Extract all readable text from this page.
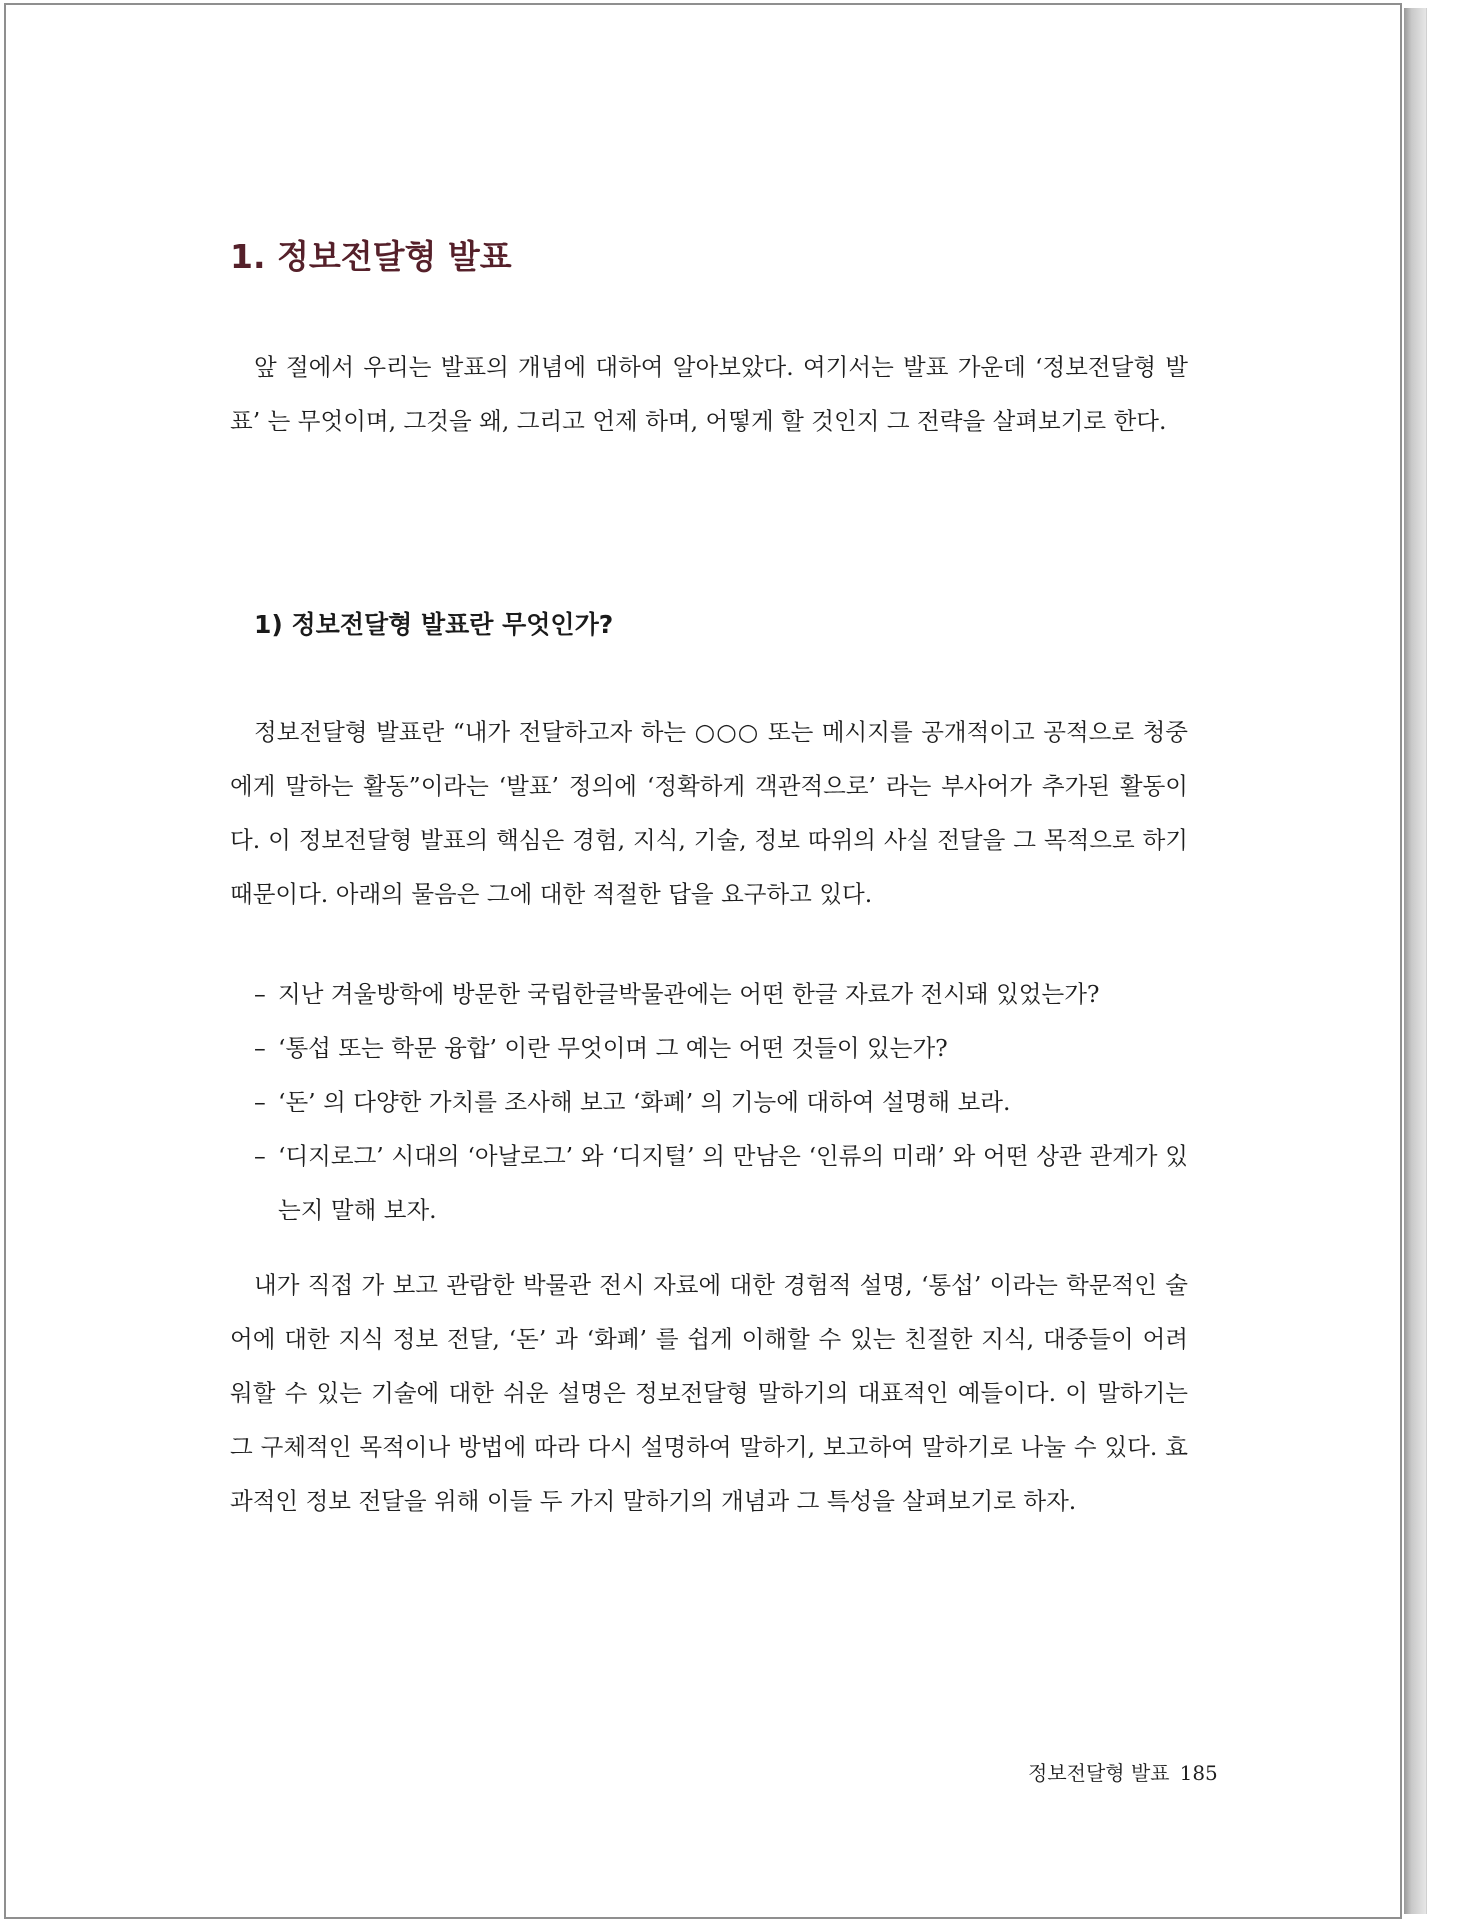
1. 정보전달형 발표

앞 절에서 우리는 발표의 개념에 대하여 알아보았다. 여기서는 발표 가운데 ‘정보전달형 발표’ 는 무엇이며, 그것을 왜, 그리고 언제 하며, 어떻게 할 것인지 그 전략을 살펴보기로 한다.

1) 정보전달형 발표란 무엇인가?

정보전달형 발표란 “내가 전달하고자 하는 ○○○ 또는 메시지를 공개적이고 공적으로 청중에게 말하는 활동”이라는 ‘발표’ 정의에 ‘정확하게 객관적으로’ 라는 부사어가 추가된 활동이다. 이 정보전달형 발표의 핵심은 경험, 지식, 기술, 정보 따위의 사실 전달을 그 목적으로 하기 때문이다. 아래의 물음은 그에 대한 적절한 답을 요구하고 있다.

– 지난 겨울방학에 방문한 국립한글박물관에는 어떤 한글 자료가 전시돼 있었는가?
– ‘통섭 또는 학문 융합’ 이란 무엇이며 그 예는 어떤 것들이 있는가?
– ‘돈’ 의 다양한 가치를 조사해 보고 ‘화폐’ 의 기능에 대하여 설명해 보라.
– ‘디지로그’ 시대의 ‘아날로그’ 와 ‘디지털’ 의 만남은 ‘인류의 미래’ 와 어떤 상관 관계가 있는지 말해 보자.

내가 직접 가 보고 관람한 박물관 전시 자료에 대한 경험적 설명, ‘통섭’ 이라는 학문적인 술어에 대한 지식 정보 전달, ‘돈’ 과 ‘화폐’ 를 쉽게 이해할 수 있는 친절한 지식, 대중들이 어려워할 수 있는 기술에 대한 쉬운 설명은 정보전달형 말하기의 대표적인 예들이다. 이 말하기는 그 구체적인 목적이나 방법에 따라 다시 설명하여 말하기, 보고하여 말하기로 나눌 수 있다. 효과적인 정보 전달을 위해 이들 두 가지 말하기의 개념과 그 특성을 살펴보기로 하자.

정보전달형 발표 185
